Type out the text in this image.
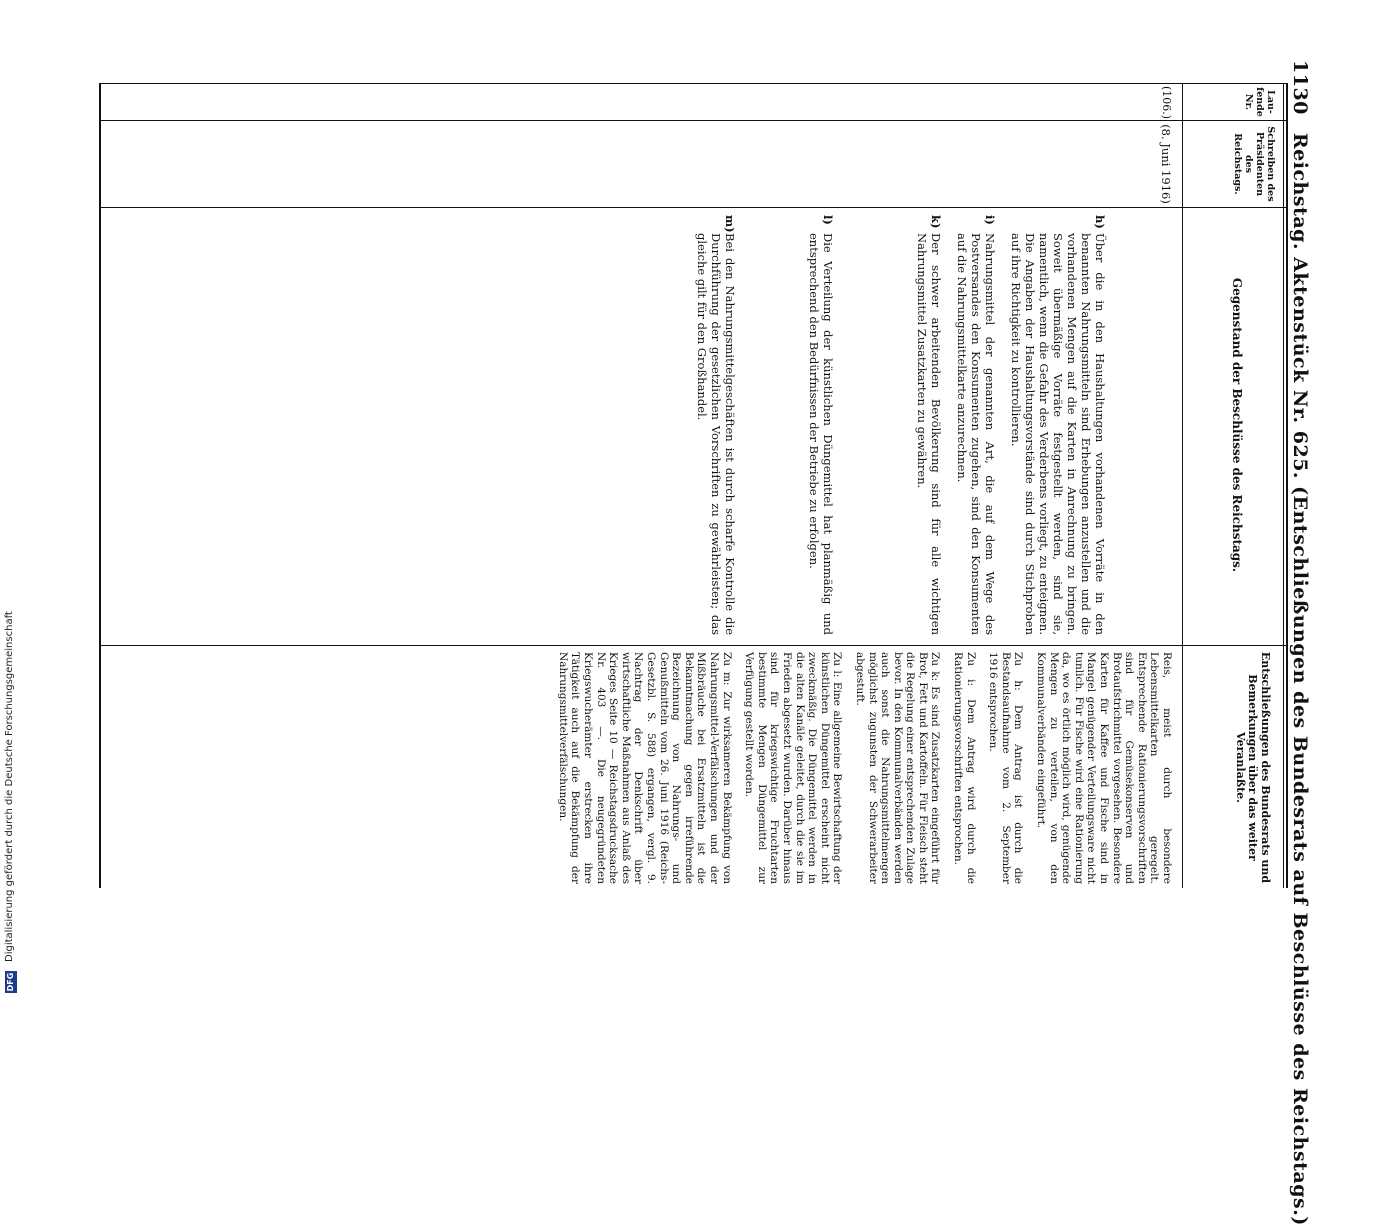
1130
Reichstag. Aktenstück Nr. 625. (Entschließungen des Bundesrats auf Beschlüsse des Reichstags.)
Laufende Nr.
Schreiben des Präsidenten des Reichstags.
Gegenstand der Beschlüsse des Reichstags.
Entschließungen des Bundesrats und Bemerkungen über das weiter Veranlaßte.
(106.)
(8. Juni 1916)
h)
Über die in den Haushaltungen vorhandenen Vorräte in den benannten Nahrungsmitteln sind Erhebungen anzustellen und die vorhandenen Mengen auf die Karten in Anrechnung zu bringen. Soweit übermäßige Vorräte festgestellt werden, sind sie, namentlich, wenn die Gefahr des Verderbens vorliegt, zu enteignen. Die Angaben der Haushaltungsvorstände sind durch Stichproben auf ihre Richtigkeit zu kontrollieren.
i)
Nahrungsmittel der genannten Art, die auf dem Wege des Postversandes den Konsumenten zugehen, sind den Konsumenten auf die Nahrungsmittelkarte anzurechnen.
k)
Der schwer arbeitenden Bevölkerung sind für alle wichtigen Nahrungsmittel Zusatzkarten zu gewähren.
l)
Die Verteilung der künstlichen Düngemittel hat planmäßig und entsprechend den Bedürfnissen der Betriebe zu erfolgen.
m)
Bei den Nahrungsmittelgeschäften ist durch scharfe Kontrolle die Durchführung der gesetzlichen Vorschriften zu gewährleisten; das gleiche gilt für den Großhandel.
Reis, meist durch besondere Lebensmittelkarten geregelt. Entsprechende Rationierungsvorschriften sind für Gemüsekonserven und Brotaufstrichmittel vorgesehen. Besondere Karten für Kaffee und Fische sind in Mangel genügender Verteilungsware nicht tunlich. Für Fische wird eine Rationierung da, wo es örtlich möglich wird, genügende Mengen zu verteilen, von den Kommunalverbänden eingeführt.
Zu h: Dem Antrag ist durch die Bestandsaufnahme vom 2. September 1916 entsprochen.
Zu i: Dem Antrag wird durch die Rationierungsvorschriften entsprochen.
Zu k: Es sind Zusatzkarten eingeführt für Brot, Fett und Kartoffeln. Für Fleisch steht die Regelung einer entsprechenden Zulage bevor. In den Kommunalverbänden werden auch sonst die Nahrungsmittelmengen möglichst zugunsten der Schwerarbeiter abgestuft.
Zu l: Eine allgemeine Bewirtschaftung der künstlichen Düngemittel erscheint nicht zweckmäßig. Die Düngemittel werden in die alten Kanäle geleitet, durch die sie im Frieden abgesetzt wurden. Darüber hinaus sind für kriegswichtige Fruchtarten bestimmte Mengen Düngemittel zur Verfügung gestellt worden.
Zu m: Zur wirksameren Bekämpfung von Nahrungsmittel-Verfälschungen und der Mißbräuche bei Ersatzmitteln ist die Bekanntmachung gegen irreführende Bezeichnung von Nahrungs- und Genußmitteln vom 26. Juni 1916 (Reichs-Gesetzbl. S. 588) ergangen, vergl. 9. Nachtrag der Denkschrift über wirtschaftliche Maßnahmen aus Anlaß des Krieges Seite 10 — Reichstagsdrucksache Nr. 403 —. Die neugegründeten Kriegswucherämter erstrecken ihre Tätigkeit auch auf die Bekämpfung der Nahrungsmittelverfälschungen.
Digitalisierung gefördert durch die Deutsche Forschungsgemeinschaft
DFG
